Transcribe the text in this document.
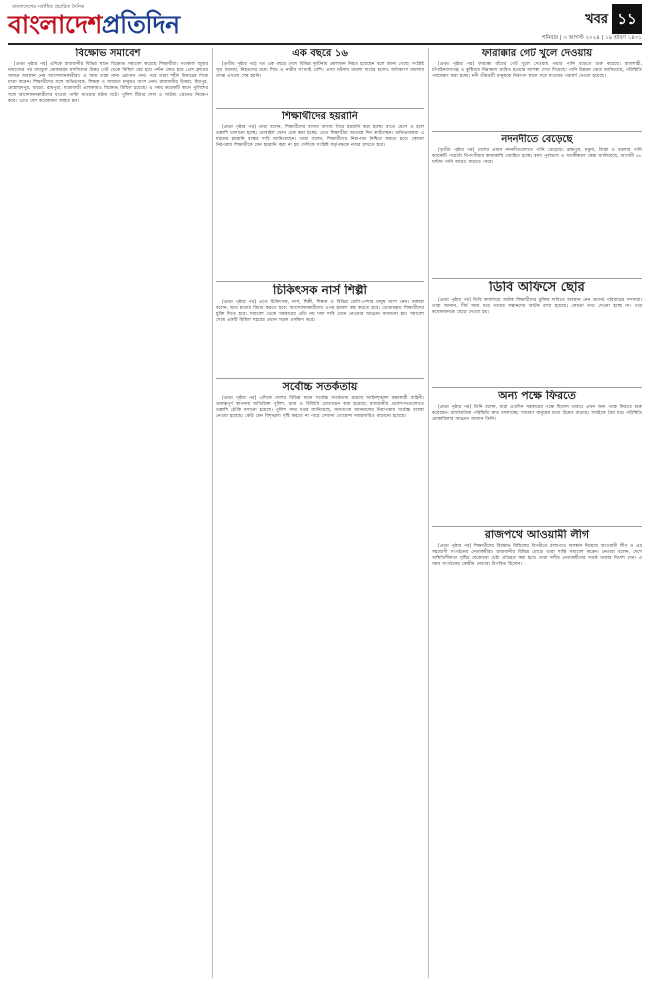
বাংলাদেশের সর্বাধিক প্রচারিত দৈনিক
বাংলাদেশপ্রতিদিন	খবর ১১
শনিবার | ৩ আগস্ট ২০২৪ | ১৯ শ্রাবণ ১৪৩১
বিক্ষোভ সমাবেশ

[প্রথম পৃষ্ঠার পর] এদিকে রাজধানীর বিভিন্ন স্থানে বিক্ষোভ সমাবেশ করেছে শিক্ষার্থীরা। গতকাল জুমার নামাজের পর বায়তুল মোকাররম মসজিদের উত্তর গেট থেকে মিছিল বের হয়ে পল্টন মোড় হয়ে প্রেস ক্লাবের সামনে অবস্থান নেয় আন্দোলনকারীরা। এ সময় তারা নানা স্লোগান দেন। পরে তারা শহীদ মিনারের দিকে যাত্রা করেন। শিক্ষার্থীদের সঙ্গে অভিভাবক, শিক্ষক ও সাধারণ মানুষও অংশ নেন। রাজধানীর উত্তরা, মিরপুর, মোহাম্মদপুর, বাড্ডা, রামপুরা, যাত্রাবাড়ী এলাকায়ও বিক্ষোভ মিছিল হয়েছে। এ সময় কয়েকটি স্থানে পুলিশের সঙ্গে আন্দোলনকারীদের ধাওয়া পাল্টা ধাওয়ার ঘটনা ঘটে। পুলিশ টিয়ার শেল ও সাউন্ড গ্রেনেড নিক্ষেপ করে। এতে বেশ কয়েকজন আহত হন।

এক বছরে ১৬

[তৃতীয় পৃষ্ঠার পর] গত এক বছরে দেশে বিভিন্ন দুর্ঘটনায় ষোলজন নিহত হয়েছেন বলে জানা গেছে। সংশ্লিষ্ট সূত্র জানায়, নিহতদের মধ্যে শিশু ও নারীর সংখ্যাই বেশি। এসব ঘটনায় মামলা দায়ের হলেও অধিকাংশ মামলার তদন্ত এখনো শেষ হয়নি।

শিক্ষার্থীদের হয়রানি

[প্রথম পৃষ্ঠার পর] তারা বলেন, শিক্ষার্থীদের বাসায় বাসায় গিয়ে হয়রানি করা হচ্ছে। রাতে মেসে ও হলে তল্লাশি চালানো হচ্ছে। মোবাইল ফোন চেক করা হচ্ছে। এতে শিক্ষার্থীরা আতঙ্কে দিন কাটাচ্ছেন। অভিভাবকরা এ ধরনের হয়রানি বন্ধের দাবি জানিয়েছেন। তারা বলেন, শিক্ষার্থীদের নিরাপত্তা নিশ্চিত করতে হবে। কোনো নিরপরাধ শিক্ষার্থীকে যেন হয়রানি করা না হয় সেদিকে সংশ্লিষ্ট কর্তৃপক্ষকে নজর রাখতে হবে।

চিকিৎসক নার্স শিল্পী

[প্রথম পৃষ্ঠার পর] এতে চিকিৎসক, নার্স, শিল্পী, শিক্ষক ও বিভিন্ন শ্রেণি-পেশার মানুষ অংশ নেন। বক্তারা বলেন, ছাত্র হত্যার বিচার করতে হবে। আন্দোলনকারীদের ওপর হামলা বন্ধ করতে হবে। গ্রেপ্তারকৃত শিক্ষার্থীদের মুক্তি দিতে হবে। সমাবেশ থেকে সরকারের প্রতি নয় দফা দাবি মেনে নেওয়ার আহ্বান জানানো হয়। সমাবেশ শেষে একটি মিছিল শহরের প্রধান সড়ক প্রদক্ষিণ করে।

সর্বোচ্চ সতর্কতায়

[প্রথম পৃষ্ঠার পর] এদিকে দেশের বিভিন্ন স্থানে সর্বোচ্চ সতর্কতায় রয়েছে আইনশৃঙ্খলা রক্ষাকারী বাহিনী। গুরুত্বপূর্ণ স্থাপনায় অতিরিক্ত পুলিশ, র‌্যাব ও বিজিবি মোতায়েন করা হয়েছে। রাজধানীর প্রবেশপথগুলোতে তল্লাশি চৌকি বসানো হয়েছে। পুলিশ সদর দপ্তর জানিয়েছে, জনগণের জানমালের নিরাপত্তায় সর্বোচ্চ ব্যবস্থা নেওয়া হয়েছে। কেউ যেন বিশৃঙ্খলা সৃষ্টি করতে না পারে সেজন্য গোয়েন্দা নজরদারিও বাড়ানো হয়েছে।

ফারাক্কার গেট খুলে দেওয়ায়

[প্রথম পৃষ্ঠার পর] ফারাক্কা বাঁধের গেট খুলে দেওয়ায় পদ্মার পানি বাড়তে শুরু করেছে। রাজশাহী, চাঁপাইনবাবগঞ্জ ও কুষ্টিয়ার নিম্নাঞ্চল প্লাবিত হওয়ার আশঙ্কা দেখা দিয়েছে। পানি উন্নয়ন বোর্ড জানিয়েছে, পরিস্থিতি পর্যবেক্ষণ করা হচ্ছে। নদী তীরবর্তী মানুষকে নিরাপদ স্থানে সরে যাওয়ার পরামর্শ দেওয়া হয়েছে।

নদনদীতে বেড়েছে

[তৃতীয় পৃষ্ঠার পর] দেশের প্রধান নদনদীগুলোতে পানি বেড়েছে। ব্রহ্মপুত্র, যমুনা, তিস্তা ও ধরলার পানি কয়েকটি পয়েন্টে বিপৎসীমার কাছাকাছি প্রবাহিত হচ্ছে। বন্যা পূর্বাভাস ও সতর্কীকরণ কেন্দ্র জানিয়েছে, আগামী ৪৮ ঘণ্টায় পানি আরও বাড়তে পারে।

ডিবি অফিসে ছোর

[প্রথম পৃষ্ঠার পর] ডিবি কার্যালয়ে আটক শিক্ষার্থীদের মুক্তির দাবিতে অবস্থান নেন তাদের পরিবারের সদস্যরা। তারা জানান, দীর্ঘ সময় ধরে তাদের সন্তানদের আটক রাখা হয়েছে। কোনো তথ্য দেওয়া হচ্ছে না। পরে কয়েকজনকে ছেড়ে দেওয়া হয়।

অন্য পক্ষে ফিরতে

[প্রথম পৃষ্ঠার পর] তিনি বলেন, যারা এতদিন সরকারের পক্ষে ছিলেন তারাও এখন অন্য পক্ষে ফিরতে শুরু করেছেন। রাজনৈতিক পরিস্থিতি দ্রুত বদলাচ্ছে। সাধারণ মানুষের মধ্যে উদ্বেগ বাড়ছে। সবাইকে ধৈর্য ধরে পরিস্থিতি মোকাবিলার আহ্বান জানান তিনি।

রাজপথে আওয়ামী লীগ

[প্রথম পৃষ্ঠার পর] শিক্ষার্থীদের বিক্ষোভ মিছিলের বিপরীতে রাজপথে অবস্থান নিয়েছে আওয়ামী লীগ ও এর সহযোগী সংগঠনের নেতাকর্মীরা। রাজধানীর বিভিন্ন মোড়ে তারা শান্তি সমাবেশ করেন। নেতারা বলেন, দেশে অস্থিতিশীলতা সৃষ্টির যেকোনো চেষ্টা প্রতিহত করা হবে। তারা দলীয় নেতাকর্মীদের সতর্ক থাকার নির্দেশ দেন। এ সময় সংগঠনের কেন্দ্রীয় নেতারা উপস্থিত ছিলেন।
